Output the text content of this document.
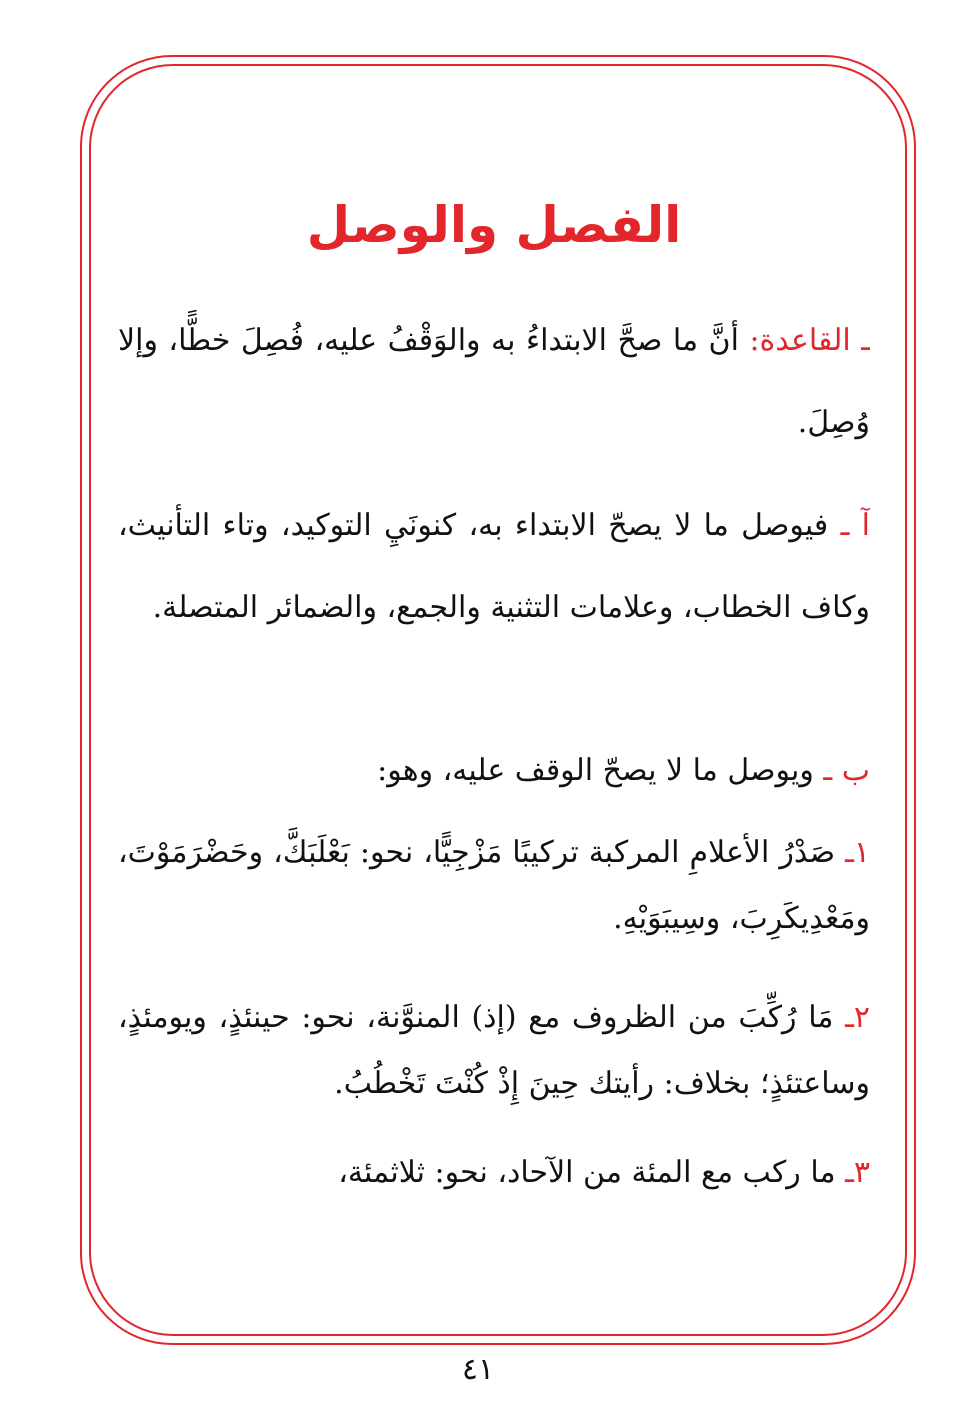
الفصل والوصل

ـ القاعدة: أنَّ ما صحَّ الابتداءُ به والوَقْفُ عليه، فُصِلَ خطًّا، وإلا وُصِلَ.

آ ـ فيوصل ما لا يصحّ الابتداء به، كنونَيِ التوكيد، وتاء التأنيث، وكاف الخطاب، وعلامات التثنية والجمع، والضمائر المتصلة.

ب ـ ويوصل ما لا يصحّ الوقف عليه، وهو:

١ـ صَدْرُ الأعلامِ المركبة تركيبًا مَزْجِيًّا، نحو: بَعْلَبَكَّ، وحَضْرَمَوْتَ، ومَعْدِيكَرِبَ، وسِيبَوَيْهِ.

٢ـ مَا رُكِّبَ من الظروف مع (إذ) المنوَّنة، نحو: حينئذٍ، ويومئذٍ، وساعتئذٍ؛ بخلاف: رأيتك حِينَ إِذْ كُنْتَ تَخْطُبُ.

٣ـ ما ركب مع المئة من الآحاد، نحو: ثلاثمئة،

٤١
